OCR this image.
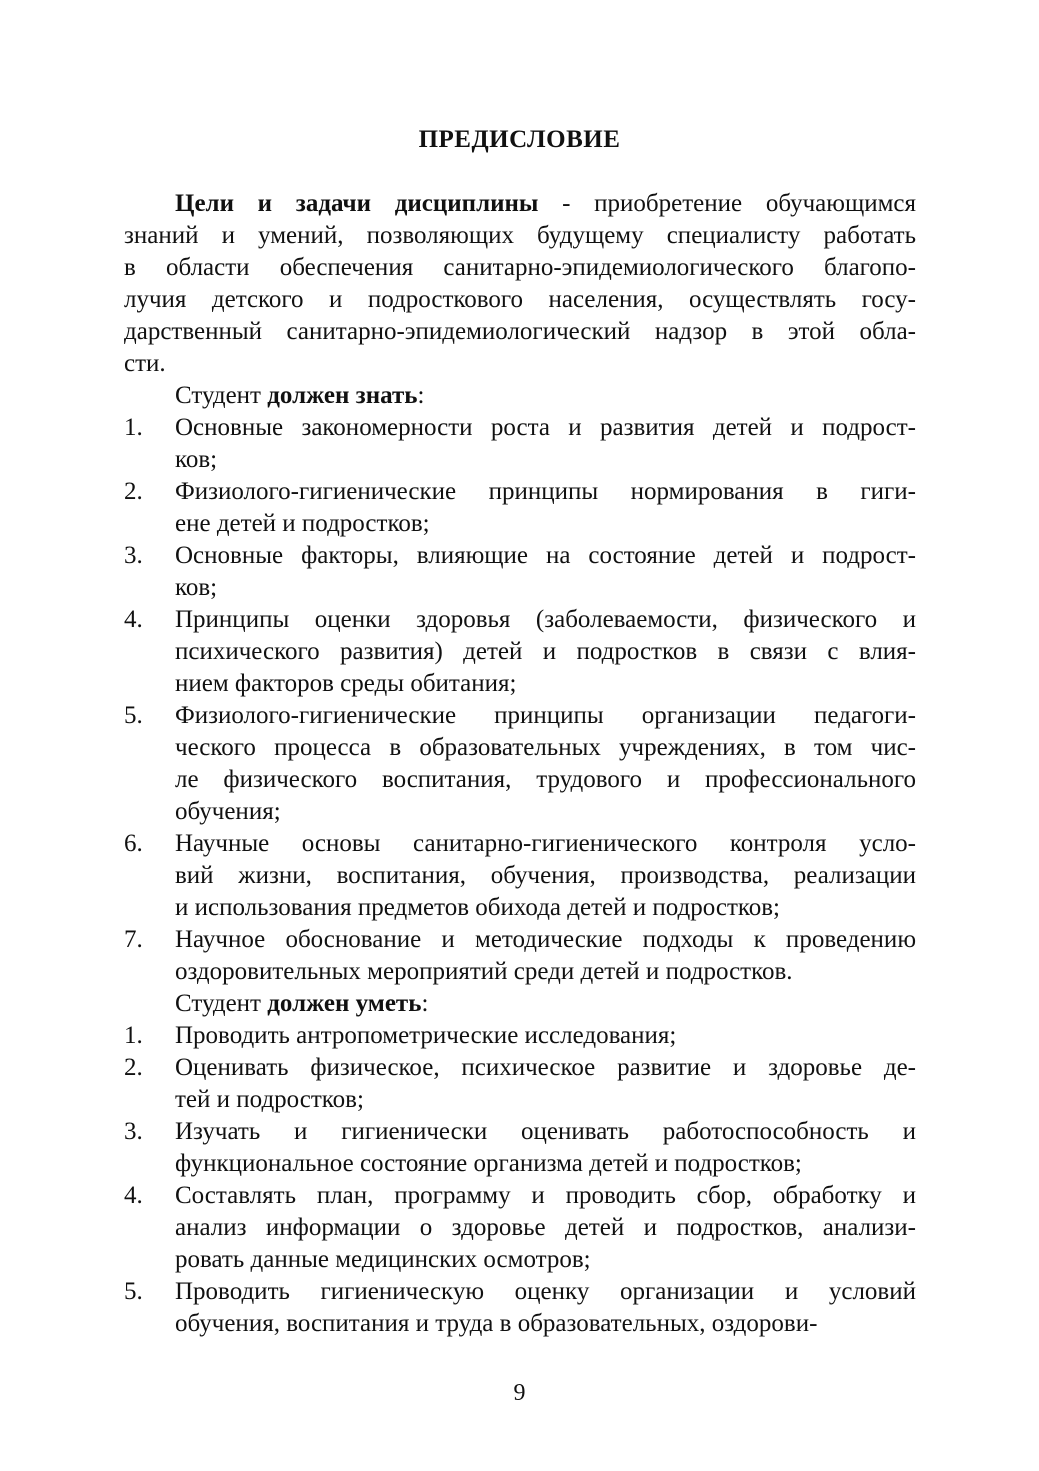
ПРЕДИСЛОВИЕ
Цели и задачи дисциплины - приобретение обучающимся
знаний и умений, позволяющих будущему специалисту работать
в области обеспечения санитарно-эпидемиологического благопо-
лучия детского и подросткового населения, осуществлять госу-
дарственный санитарно-эпидемиологический надзор в этой обла-
сти.
Студент должен знать:
1.	Основные закономерности роста и развития детей и подрост-
ков;
2.	Физиолого-гигиенические принципы нормирования в гиги-
ене детей и подростков;
3.	Основные факторы, влияющие на состояние детей и подрост-
ков;
4.	Принципы оценки здоровья (заболеваемости, физического и
психического развития) детей и подростков в связи с влия-
нием факторов среды обитания;
5.	Физиолого-гигиенические принципы организации педагоги-
ческого процесса в образовательных учреждениях, в том чис-
ле физического воспитания, трудового и профессионального
обучения;
6.	Научные основы санитарно-гигиенического контроля усло-
вий жизни, воспитания, обучения, производства, реализации
и использования предметов обихода детей и подростков;
7.	Научное обоснование и методические подходы к проведению
оздоровительных мероприятий среди детей и подростков.
Студент должен уметь:
1. Проводить антропометрические исследования;
2.	Оценивать физическое, психическое развитие и здоровье де-
тей и подростков;
3.	Изучать и гигиенически оценивать работоспособность и
функциональное состояние организма детей и подростков;
4.	Составлять план, программу и проводить сбор, обработку и
анализ информации о здоровье детей и подростков, анализи-
ровать данные медицинских осмотров;
5.	Проводить гигиеническую оценку организации и условий
обучения, воспитания и труда в образовательных, оздорови-
9
